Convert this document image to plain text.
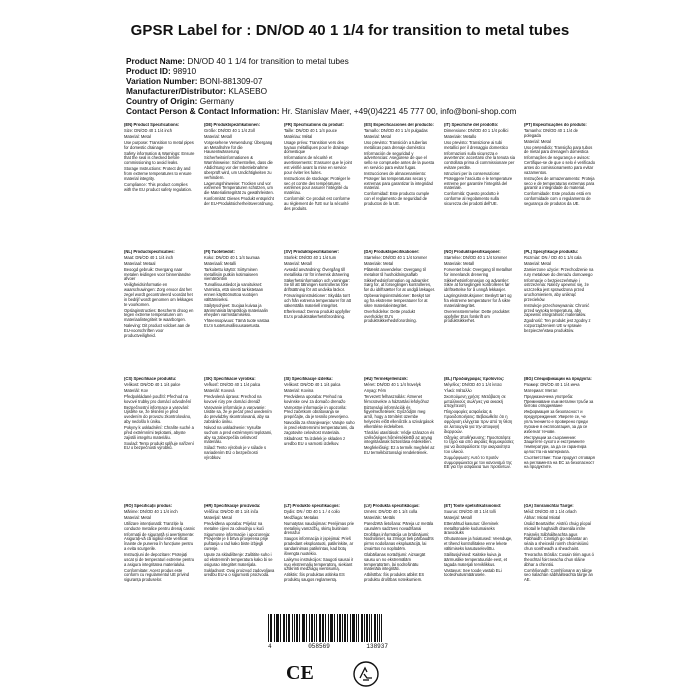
GPSR Label for : DN/OD 40 1 1/4 for transition to metal tubes
Product Name: DN/OD 40 1 1/4 for transition to metal tubes
Product ID: 98910
Variation Number: BONI-881309-07
Manufacturer/Distributor: KLASEBO
Country of Origin: Germany
Contact Person & Contact Information: Hr. Stanislav Maer, +49(0)4221 45 777 00, info@boni-shop.com
(EN) Product Specifications:

Size: DN/OD 40 1 1/4 inch

Material: Metal

Use purpose: Transition to metal pipes for domestic drainage

Safety information & Warnings: Ensure that the seal is checked before commissioning to avoid leaks.

Storage Instructions: Protect dry and from extreme temperatures to ensure material integrity.

Compliance: This product complies with the EU product safety regulation.

(DE) Produktspezifikationen:

Größe: DN/OD 40 1 1/4 Zoll

Material: Metall

Vorgesehene Verwendung: Übergang an Metallrohre für die Hausentwässerung

Sicherheitsinformationen & Warnhinweise: Sicherstellen, dass die Abdichtung vor der Inbetriebnahme überprüft wird, um Undichtigkeiten zu verhindern.

Lagerungshinweise: Trocken und vor extremen Temperaturen schützen, um die Materialintegrität zu gewährleisten.

Konformität: Dieses Produkt entspricht der EU-Produktsicherheitsverordnung.

(FR) Spécifications du produit:

Taille: DN/OD 40 1 1/4 pouce

Matériau: Métal

Usage prévu: Transition vers des tuyaux métalliques pour le drainage domestique

Informations de sécurité et avertissements: S'assurer que le joint est vérifié avant la mise en service pour éviter les fuites.

Instructions de stockage: Protéger le sec et contre des températures extrêmes pour assurer l'intégrité du matériau.

Conformité: Ce produit est conforme au règlement de l'UE sur la sécurité des produits.

(ES) Especificaciones del producto:

Tamaño: DN/OD 40 1 1/4 pulgadas

Material: Metal

Uso previsto: Transición a tuberías metálicas para drenaje doméstico

Información de seguridad y advertencias: Asegúrese de que el sello se compruebe antes de la puesta en servicio para evitar fugas.

Instrucciones de almacenamiento: Proteger las temperaturas secas y extremas para garantizar la integridad material.

Conformidad: Este producto cumple con el reglamento de seguridad de productos de la UE.

(IT) Specifiche del prodotto:

Dimensione: DN/OD 40 1 1/4 pollici

Materiale: Metallo

Uso previsto: Transizione ai tubi metallici per il drenaggio domestico

Informazioni sulla sicurezza e avvertenze: accertarsi che la tenuta sia controllata prima di commissionare per evitare perdite.

Istruzioni per la conservazione: Proteggere l'asciutto e le temperature estreme per garantire l'integrità del materiale.

Conformità: Questo prodotto è conforme al regolamento sulla sicurezza dei prodotti dell'UE.

(PT) Especificações do produto:

Tamanho: DN/OD 40 1 1/4 de polegada

Material: Metal

Uso pretendido: Transição para tubos de metal para drenagem doméstica

Informações de segurança e avisos: Certifique-se de que o selo é verificado antes do comissionamento para evitar vazamentos.

Instruções de armazenamento: Proteja seco e de temperaturas extremas para garantir a integridade do material.

Conformidade: Este produto está em conformidade com o regulamento de segurança de produtos da UE.

(NL) Productspecificaties:

Maat: DN/OD 40 1 1/4 inch

Materiaal: Metaal

Beoogd gebruik: Overgang naar metalen leidingen voor binnenlandse afvoer

Veiligheidsinformatie en waarschuwingen: Zorg ervoor dat het zegel wordt gecontroleerd voordat het in bedrijf wordt genomen om lekkages te voorkomen.

Opslaginstructies: Bescherm droog en tegen extreme temperaturen om materiaalintegriteit te waarborgen.

Naleving: Dit product voldoet aan de EU-voorschriften voor productveiligheid.

(FI) Tuotetiedot:

Koko: DN/OD 40 1 1/4 tuumaa

Materiaali: Metalli

Tarkoitettu käyttö: Siirtyminen metallisiin putkiin kotimaiseen viemäröintiin

Turvallisuustiedot ja varoitukset: Varmista, että sinetti tarkistetaan ennen käyttöönottoa vuotojen välttämiseksi.

Säilytysohjeet: Suojaa kuivaa ja äärimmäisiä lämpötiloja materiaalin eheyden varmistamiseksi.

Yhteensopivuus: Tämä tuote vastaa EU:n tuoteturvallisuusasetusta.

(SV) Produktspecifikationer:

Storlek: DN/OD 40 1 1/4 tum

Material: Metall

Avsedd användning: Övergång till metalliska rör för inhemsk dränering

Säkerhetsinformation och varningar: Se till att tätningen kontrolleras före driftsättning för att undvika läckor.

Förvaringsinstruktioner: Skydda torrt och från extrema temperaturer för att säkerställa materiell integritet.

Efterlevnad: Denna produkt uppfyller EU:s produktsäkerhetsförordning.

(DA) Produktspecifikationer:

Størrelse: DN/OD 40 1 1/4 tommer

Materiale: Metal

Påtænkt anvendelse: Overgang til metalrør til husholdningsafløb

Sikkerhedsinformation og advarsler: Sørg for, at forseglingen kontrolleres, før du idriftsætter for at undgå lækager.

Opbevaringsinstruktioner: Beskyt tør og fra ekstreme temperaturer for at sikre materialeintegritet.

Overholdelse: Dette produkt overholder EU's produktsikkerhedsforordning.

(NO) Produktspesifikasjoner:

Størrelse: DN/OD 40 1 1/4 tommer

Materiale: Metall

Forventet bruk: Overgang til metallrør for innenlands drenering

Sikkerhetsinformasjon og advarsler: Sikre at forseglingen kontrolleres før idriftsettelse for å unngå lekkasjer.

Lagringsinstruksjoner: Beskytt tørt og fra ekstreme temperaturer for å sikre materialintegritet.

Overensstemmelse: Dette produktet oppfyller EUs forskrift om produktsikkerhet.

(PL) Specyfikacje produktu:

Rozmiar: DN / OD 40 1 1/4 cala

Materiał: Metal

Zamierzone użycie: Przechodzenie na rury metalowe do drenażu domowego

Informacje o bezpieczeństwie i ostrzeżenia: Należy upewnić się, że uszczelka jest sprawdzona przed uruchomieniem, aby uniknąć przecieków.

Instrukcje przechowywania: Chronić przed wysoką temperaturą, aby zapewnić integralność materiałów.

Zgodność: Ten produkt jest zgodny z rozporządzeniem UE w sprawie bezpieczeństwa produktów.

(CS) Specifikace produktu:

Velikost: DN/OD 40 1 1/4 palce

Materiál: Kov

Předpokládané použití: Přechod na kovové trubky pro domácí odvodnění

Bezpečnostní informace a varování: Ujistěte se, že těsnění je před uvedením do provozu zkontrolováno, aby nedošlo k úniku.

Pokyny k uskladnění: Chraňte suché a před extrémními teplotami, abyste zajistili integritu materiálu.

Soulad: Tento produkt splňuje nařízení EU o bezpečnosti výrobků.

(SK) Špecifikácie výrobku:

Veľkosť: DN/OD 40 1 1/4 palca

Materiál: Kovová

Predvolená úprava: Prechod na kovové rúry pre domáci drenáž

Varovanie informácie a varovanie: Uistite sa, že je pečať pred uvedením do prevádzky skontrolovaná, aby sa zabránilo úniku.

Návod na uskladnenie: Vysušte suchom a pred extrémnymi teplotami, aby sa zabezpečila celistvosť materiálu.

Súlad: Tento výrobok je v súlade s nariadením EÚ o bezpečnosti výrobkov.

(SI) Specifikacije izdelka:

Velikost: DN/OD 40 1 1/4 palca

Material: Kovina

Predvidena uporaba: Prehod na kovinske cevi za domačo drenažo

Varnostne informacije in opozorila: Pred začetkom obratovanja se prepričajte, da je tesnilo preverjeno.

Navodila za shranjevanje: Varujte suho in pred ekstremnimi temperaturami, da zagotovite celovitost materiala.

Skladnost: Ta izdelek je skladen z uredbo EU o varnosti izdelkov.

(HU) Termékjellemzők:

Méret: DN/OD 40 1 1/4 hüvelyk

Anyag: Fém

Tervezett felhasználás: Átmenet fémcsövekre a háztartási lefolyóhoz

Biztonsági információk és figyelmeztetések: Győződjön meg arról, hogy a tömítést üzembe helyezés előtt ellenőrzik a szivárgások elkerülése érdekében.

Tárolási utasítások: Védje szárazon és szélsőséges hőmérséklettől az anyag integritásának biztosítása érdekében.

Megfelelőség: Ez a termék megfelel az EU termékbiztonsági rendeletének.

(EL) Προδιαγραφές προϊόντος:

Μέγεθος: DN/OD 40 1 1/4 ίντσα

Υλικό: Μέταλλο

Σκοπούμενη χρήση: Μετάβαση σε μεταλλικούς σωλήνες για οικιακή αποχέτευση

Πληροφορίες ασφαλείας & προειδοποιήσεις: Βεβαιωθείτε ότι η σφράγιση ελέγχεται πριν από τη θέση σε λειτουργία για την αποφυγή διαρροών.

Οδηγίες αποθήκευσης: Προστατέψτε το ξηρό και από ακραίες θερμοκρασίες για να διασφαλίσετε την ακεραιότητα του υλικού.

Συμμόρφωση: Αυτό το προϊόν συμμορφώνεται με τον κανονισμό της ΕΕ για την ασφάλεια των προϊόντων.

(BG) Спецификации на продукта:

Размер: DN/OD 40 1 1/4 инча

Материал: Метал

Предназначена употреба: Преминаване към метални тръби за битово отводняване

Информация за безопасност и предупреждения: Уверете се, че уплътнението е проверено преди пускане в експлоатация, за да се избегнат течове.

Инструкции за съхранение: Защитете сухото и екстремните температури, за да се гарантира целостта на материала.

Съответствие: Този продукт отговаря на регламента на ЕС за безопасност на продуктите.

(RO) Specificații produs:

Mărime: DN/OD 40 1 1/4 inch

Material: Metal

Utilizare intenționată: Tranziție la conducte metalice pentru drenaj casnic

Informații de siguranță și avertismente: Asigurați-vă că sigiliul este verificat înainte de punerea în funcțiune pentru a evita scurgerile.

Instrucțiuni de depozitare: Protejați uscat și de temperaturi extreme pentru a asigura integritatea materialului.

Conformitate: Acest produs este conform cu regulamentul UE privind siguranța produselor.

(HR) Specifikacije proizvoda:

Veličina: DN/OD 40 1 1/4 inča

Materijal: Metal

Predviđena uporaba: Prijelaz na metalne cijevi za odvodnju u kući

Sigurnosne informacije i upozorenja: Provjerite je li brtva provjerena prije puštanja u rad kako biste izbjegli curenje.

Upute za skladištenje: Zaštitite suho i od ekstremnih temperatura kako bi se osigurao integritet materijala.

Sukladnost: Ovaj proizvod zadovoljava uredbu EU-a o sigurnosti proizvoda.

(LT) Produkto specifikacijos:

Dydis: DN / OD 40 1 1 / 4 colio

Medžiaga: Metalas

Numatytas naudojimas: Perėjimas prie metalinių vamzdžių, skirtų buitiniam drenažui

Saugos informacija ir įspėjimai: Prieš pradedant eksploatuoti, patikrinkite, ar sandarinimas patikrintas, kad būtų išvengta nuotėkio.

Laikymo instrukcijos: Saugoti sausai ir nuo ekstremalių temperatūrų, siekiant užtikrinti medžiagų vientisumą.

Atitiktis: Šis produktas atitinka ES produktų saugos reglamentą.

(LV) Produkta specifikācijas:

Izmērs: DN/OD 40 1 1/4 colla

Materiāls: Metāls

Paredzētā lietošana: Pāreja uz metāla caurulēm sadzīves novadīšanai

Drošības informācija un brīdinājumi: Nodrošiniet, ka zīmogs tiek pārbaudīts pirms nodošanas ekspluatācijā, lai izvairītos no noplūdēm.

Glabāšanas norādījumi: Aizsargāt sausu un no ekstremālām temperatūrām, lai nodrošinātu materiāla integritāti.

Atbilstība: Šis produkts atbilst ES produktu drošības noteikumiem.

(ET) Toote spetsifikatsioonid:

Suurus: DN/OD 40 1 1/4 tolli

Materjal: Metall

Ettenähtud kasutus: Üleminek metalltorudele kodumaiseks äravooluks

Ohutusteave ja hoiatused: Veenduge, et tihend kontrollitakse enne lekete vältimiseks kasutuselevõttu.

Säilitusjuhised: Kaitske kuiva ja äärmuslike temperatuuride eest, et tagada materjali terviklikkus.

Vastavus: See toode vastab ELi tooteohutusmäärusele.

(GA) Sonraíochtaí Táirge:

Méid: DN/OD 40 1 1/4 orlach

Ábhar: Miotal Miotal

Úsáid Beartaithe: Aistriú chuig píopaí miotail le haghaidh draenála intíre

Faisnéis Sábháilteachta agus Rabhaidh: Cinntigh go ndéantar an séala a sheiceáil roimh choimisiúnú chun sceitheadh a sheachaint.

Treoracha Stórála: Cosain tirim agus ó theochtaí foircneacha chun sláine ábhar a chinntiú.

Comhlíonadh: Comhlíonann an táirge seo rialachán sábháilteachta táirge an AE.

4	058569	138937
CE
